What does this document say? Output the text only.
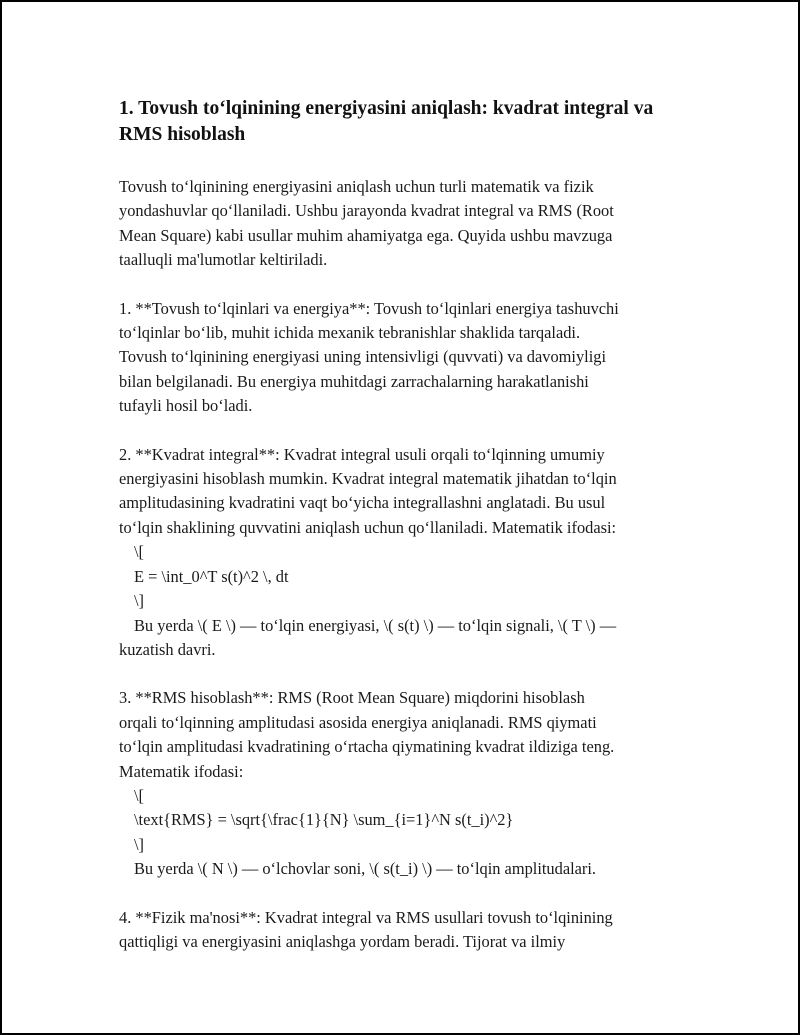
1. Tovush to‘lqinining energiyasini aniqlash: kvadrat integral va RMS hisoblash
Tovush to‘lqinining energiyasini aniqlash uchun turli matematik va fizik
yondashuvlar qo‘llaniladi. Ushbu jarayonda kvadrat integral va RMS (Root
Mean Square) kabi usullar muhim ahamiyatga ega. Quyida ushbu mavzuga
taalluqli ma'lumotlar keltiriladi.
1. **Tovush to‘lqinlari va energiya**: Tovush to‘lqinlari energiya tashuvchi
to‘lqinlar bo‘lib, muhit ichida mexanik tebranishlar shaklida tarqaladi.
Tovush to‘lqinining energiyasi uning intensivligi (quvvati) va davomiyligi
bilan belgilanadi. Bu energiya muhitdagi zarrachalarning harakatlanishi
tufayli hosil bo‘ladi.
2. **Kvadrat integral**: Kvadrat integral usuli orqali to‘lqinning umumiy
energiyasini hisoblash mumkin. Kvadrat integral matematik jihatdan to‘lqin
amplitudasining kvadratini vaqt bo‘yicha integrallashni anglatadi. Bu usul
to‘lqin shaklining quvvatini aniqlash uchun qo‘llaniladi. Matematik ifodasi:
\[
E = \int_0^T s(t)^2 \, dt
\]
Bu yerda \( E \) — to‘lqin energiyasi, \( s(t) \) — to‘lqin signali, \( T \) —
kuzatish davri.
3. **RMS hisoblash**: RMS (Root Mean Square) miqdorini hisoblash
orqali to‘lqinning amplitudasi asosida energiya aniqlanadi. RMS qiymati
to‘lqin amplitudasi kvadratining o‘rtacha qiymatining kvadrat ildiziga teng.
Matematik ifodasi:
\[
\text{RMS} = \sqrt{\frac{1}{N} \sum_{i=1}^N s(t_i)^2}
\]
Bu yerda \( N \) — o‘lchovlar soni, \( s(t_i) \) — to‘lqin amplitudalari.
4. **Fizik ma'nosi**: Kvadrat integral va RMS usullari tovush to‘lqinining
qattiqligi va energiyasini aniqlashga yordam beradi. Tijorat va ilmiy
